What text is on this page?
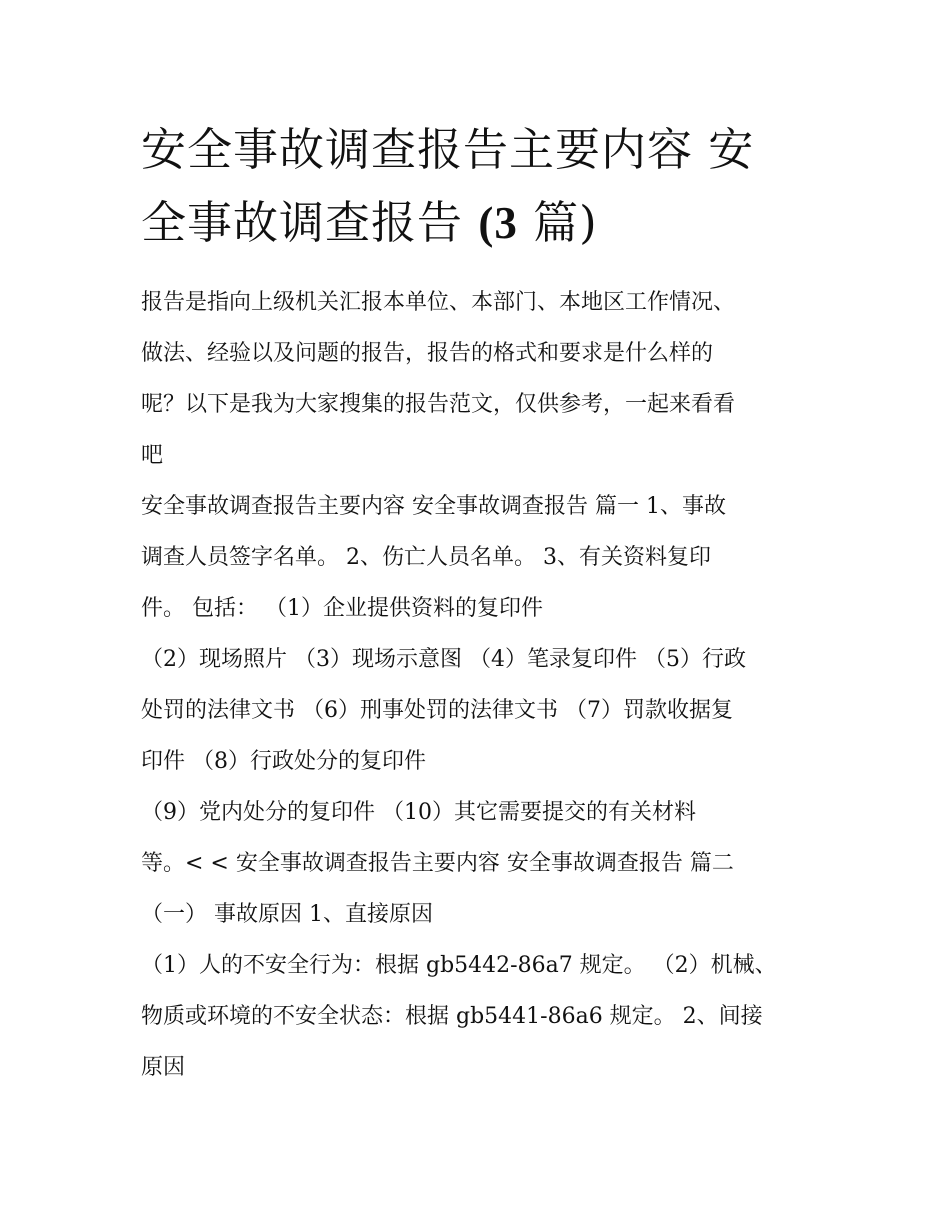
安全事故调查报告主要内容 安
全事故调查报告 (3 篇)
报告是指向上级机关汇报本单位、本部门、本地区工作情况、
做法、经验以及问题的报告，报告的格式和要求是什么样的
呢？以下是我为大家搜集的报告范文，仅供参考，一起来看看
吧
安全事故调查报告主要内容 安全事故调查报告 篇一 1、事故
调查人员签字名单。 2、伤亡人员名单。 3、有关资料复印
件。 包括： （1）企业提供资料的复印件
（2）现场照片 （3）现场示意图 （4）笔录复印件 （5）行政
处罚的法律文书 （6）刑事处罚的法律文书 （7）罚款收据复
印件 （8）行政处分的复印件
（9）党内处分的复印件 （10）其它需要提交的有关材料
等。< < 安全事故调查报告主要内容 安全事故调查报告 篇二
（一） 事故原因 1、直接原因
（1）人的不安全行为：根据 gb5442-86a7 规定。 （2）机械、
物质或环境的不安全状态：根据 gb5441-86a6 规定。 2、间接
原因
